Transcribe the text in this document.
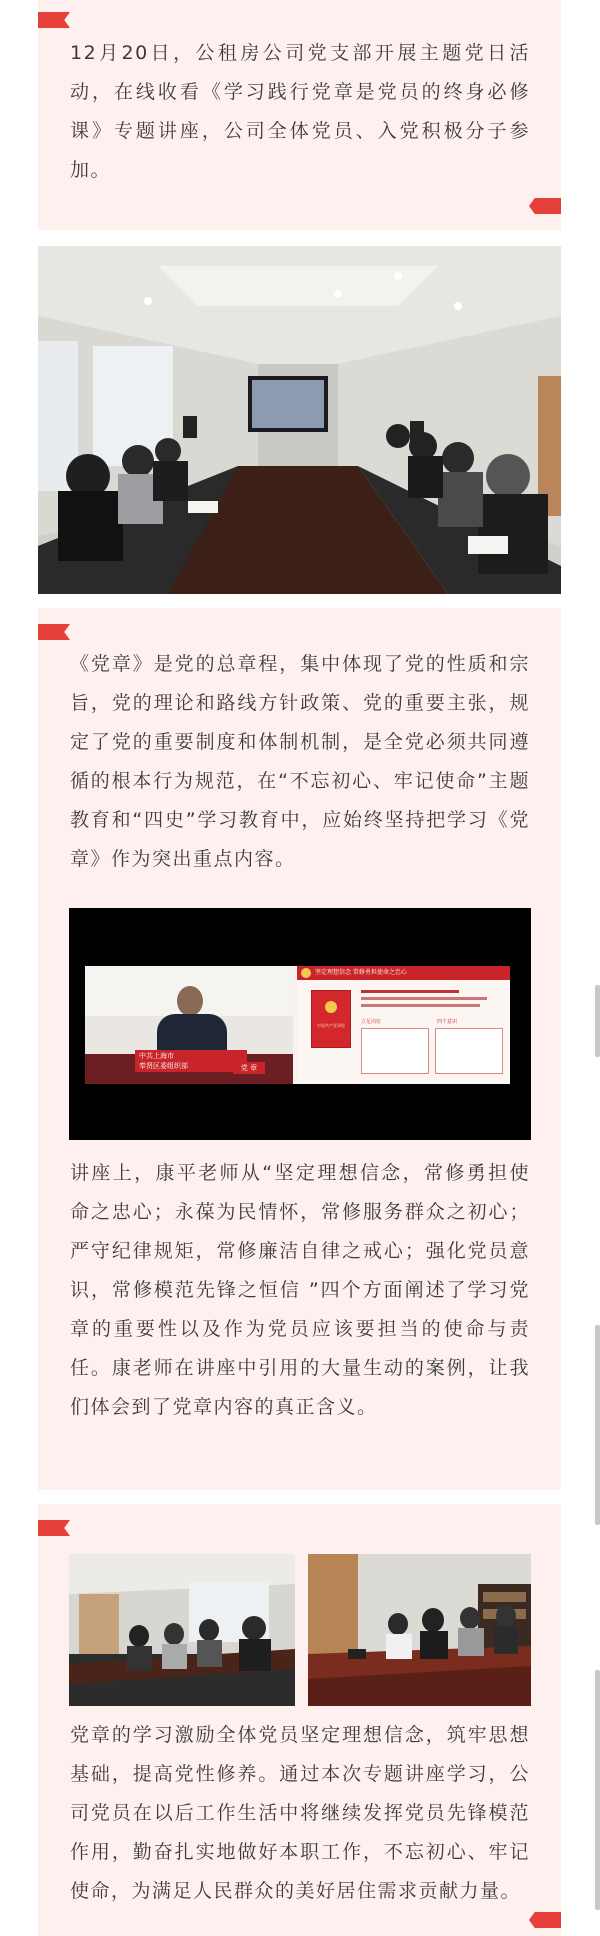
12月20日，公租房公司党支部开展主题党日活动，在线收看《学习践行党章是党员的终身必修课》专题讲座，公司全体党员、入党积极分子参加。

《党章》是党的总章程，集中体现了党的性质和宗旨，党的理论和路线方针政策、党的重要主张，规定了党的重要制度和体制机制，是全党必须共同遵循的根本行为规范，在“不忘初心、牢记使命”主题教育和“四史”学习教育中，应始终坚持把学习《党章》作为突出重点内容。

中共上海市
奉贤区委组织部	党 章
坚定理想信念 常修勇担使命之忠心
中国共产党章程
立足岗位	四个意识

讲座上，康平老师从“坚定理想信念，常修勇担使命之忠心；永葆为民情怀，常修服务群众之初心；严守纪律规矩，常修廉洁自律之戒心；强化党员意识，常修模范先锋之恒信 ”四个方面阐述了学习党章的重要性以及作为党员应该要担当的使命与责任。康老师在讲座中引用的大量生动的案例，让我们体会到了党章内容的真正含义。

党章的学习激励全体党员坚定理想信念，筑牢思想基础，提高党性修养。通过本次专题讲座学习，公司党员在以后工作生活中将继续发挥党员先锋模范作用，勤奋扎实地做好本职工作，不忘初心、牢记使命，为满足人民群众的美好居住需求贡献力量。
